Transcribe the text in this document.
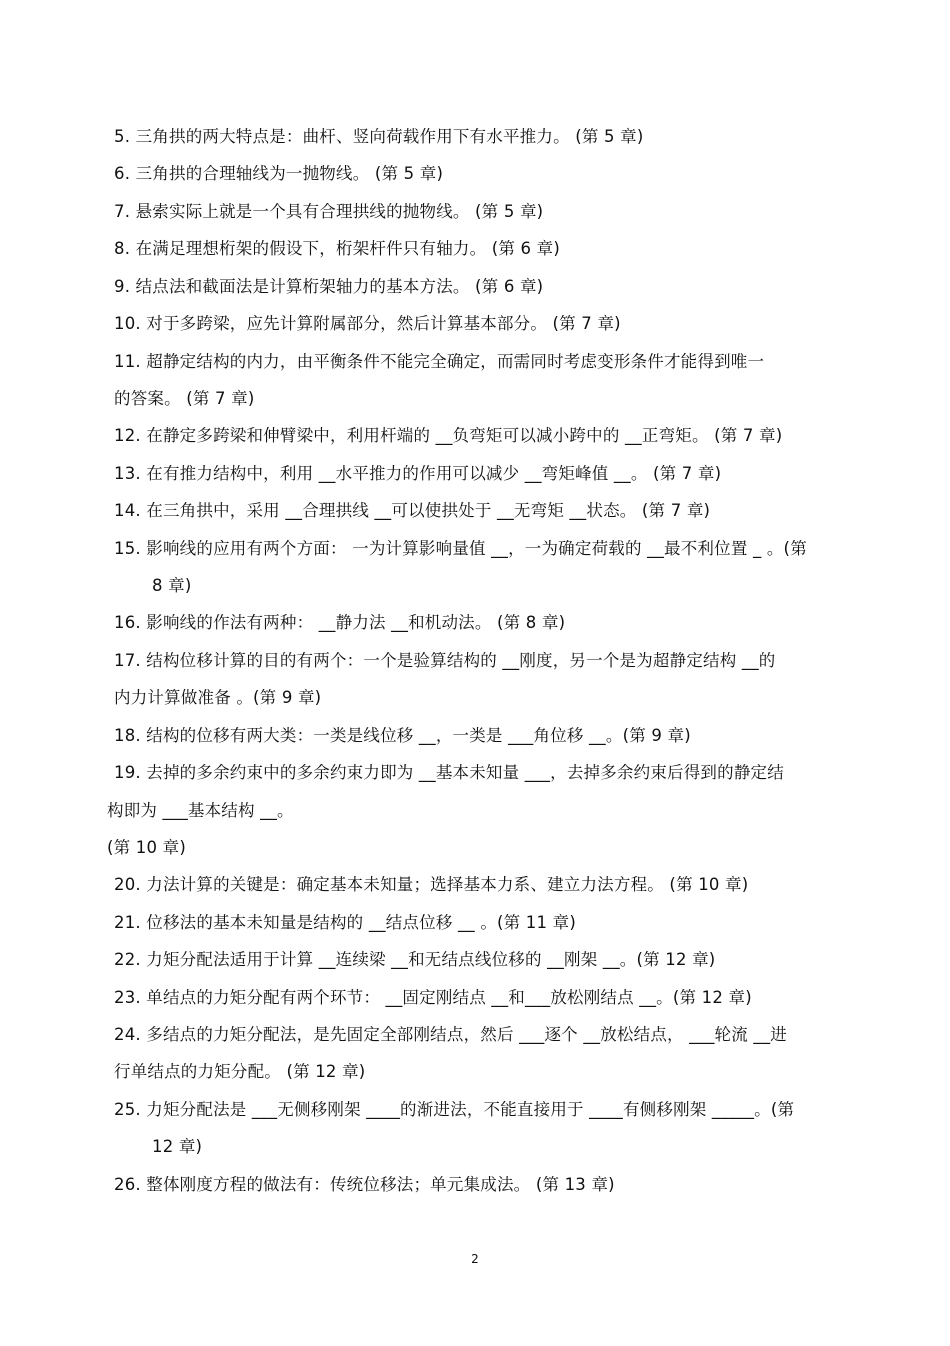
5. 三角拱的两大特点是：曲杆、竖向荷载作用下有水平推力。 (第 5 章)
6. 三角拱的合理轴线为一抛物线。 (第 5 章)
7. 悬索实际上就是一个具有合理拱线的抛物线。 (第 5 章)
8. 在满足理想桁架的假设下，桁架杆件只有轴力。 (第 6 章)
9. 结点法和截面法是计算桁架轴力的基本方法。 (第 6 章)
10. 对于多跨梁，应先计算附属部分，然后计算基本部分。 (第 7 章)
11. 超静定结构的内力，由平衡条件不能完全确定，而需同时考虑变形条件才能得到唯一
的答案。 (第 7 章)
12. 在静定多跨梁和伸臂梁中，利用杆端的 __负弯矩可以减小跨中的 __正弯矩。 (第 7 章)
13. 在有推力结构中，利用 __水平推力的作用可以减少 __弯矩峰值 __。 (第 7 章)
14. 在三角拱中，采用 __合理拱线 __可以使拱处于 __无弯矩 __状态。 (第 7 章)
15. 影响线的应用有两个方面： 一为计算影响量值 __，一为确定荷载的 __最不利位置 _ 。(第
8 章)
16. 影响线的作法有两种： __静力法 __和机动法。 (第 8 章)
17. 结构位移计算的目的有两个：一个是验算结构的 __刚度，另一个是为超静定结构 __的
内力计算做准备 。(第 9 章)
18. 结构的位移有两大类：一类是线位移 __，一类是 ___角位移 __。(第 9 章)
19. 去掉的多余约束中的多余约束力即为 __基本未知量 ___，去掉多余约束后得到的静定结
构即为 ___基本结构 __。
(第 10 章)
20. 力法计算的关键是：确定基本未知量；选择基本力系、建立力法方程。 (第 10 章)
21. 位移法的基本未知量是结构的 __结点位移 __ 。(第 11 章)
22. 力矩分配法适用于计算 __连续梁 __和无结点线位移的 __刚架 __。(第 12 章)
23. 单结点的力矩分配有两个环节： __固定刚结点 __和___放松刚结点 __。(第 12 章)
24. 多结点的力矩分配法，是先固定全部刚结点，然后 ___逐个 __放松结点， ___轮流 __进
行单结点的力矩分配。 (第 12 章)
25. 力矩分配法是 ___无侧移刚架 ____的渐进法，不能直接用于 ____有侧移刚架 _____。(第
12 章)
26. 整体刚度方程的做法有：传统位移法；单元集成法。 (第 13 章)
2
